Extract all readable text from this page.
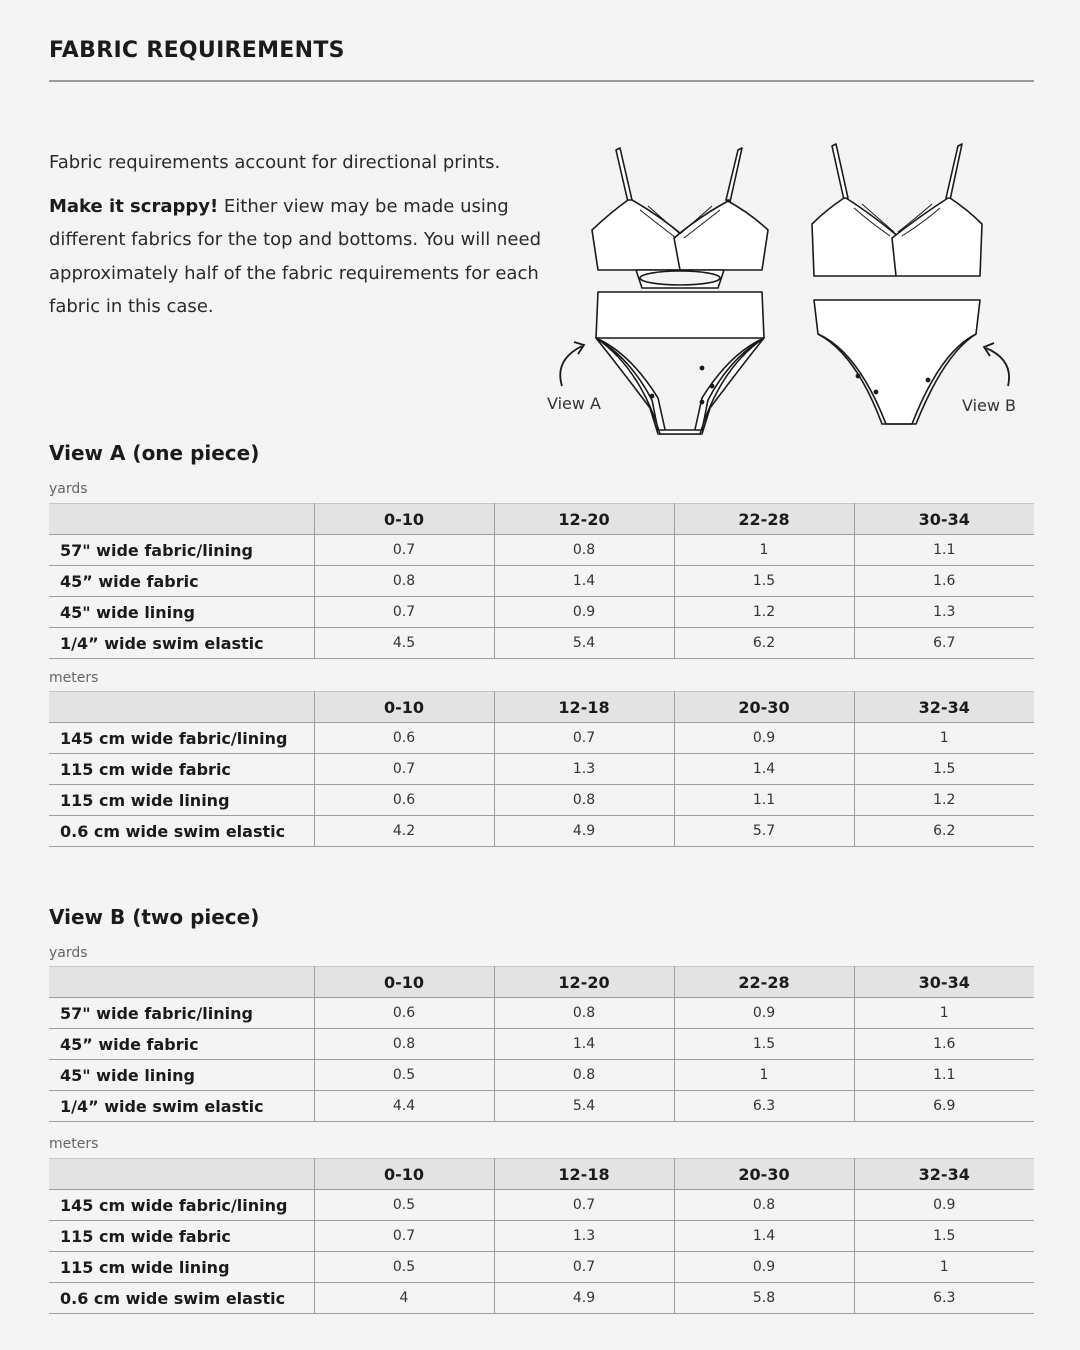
FABRIC REQUIREMENTS

Fabric requirements account for directional prints.

Make it scrappy! Either view may be made using different fabrics for the top and bottoms. You will need approximately half of the fabric requirements for each fabric in this case.

View A	View B
View A (one piece)
yards
	0-10	12-20	22-28	30-34
57" wide fabric/lining	0.7	0.8	1	1.1
45” wide fabric	0.8	1.4	1.5	1.6
45" wide lining	0.7	0.9	1.2	1.3
1/4” wide swim elastic	4.5	5.4	6.2	6.7
meters
	0-10	12-18	20-30	32-34
145 cm wide fabric/lining	0.6	0.7	0.9	1
115 cm wide fabric	0.7	1.3	1.4	1.5
115 cm wide lining	0.6	0.8	1.1	1.2
0.6 cm wide swim elastic	4.2	4.9	5.7	6.2
View B (two piece)
yards
	0-10	12-20	22-28	30-34
57" wide fabric/lining	0.6	0.8	0.9	1
45” wide fabric	0.8	1.4	1.5	1.6
45" wide lining	0.5	0.8	1	1.1
1/4” wide swim elastic	4.4	5.4	6.3	6.9
meters
	0-10	12-18	20-30	32-34
145 cm wide fabric/lining	0.5	0.7	0.8	0.9
115 cm wide fabric	0.7	1.3	1.4	1.5
115 cm wide lining	0.5	0.7	0.9	1
0.6 cm wide swim elastic	4	4.9	5.8	6.3
